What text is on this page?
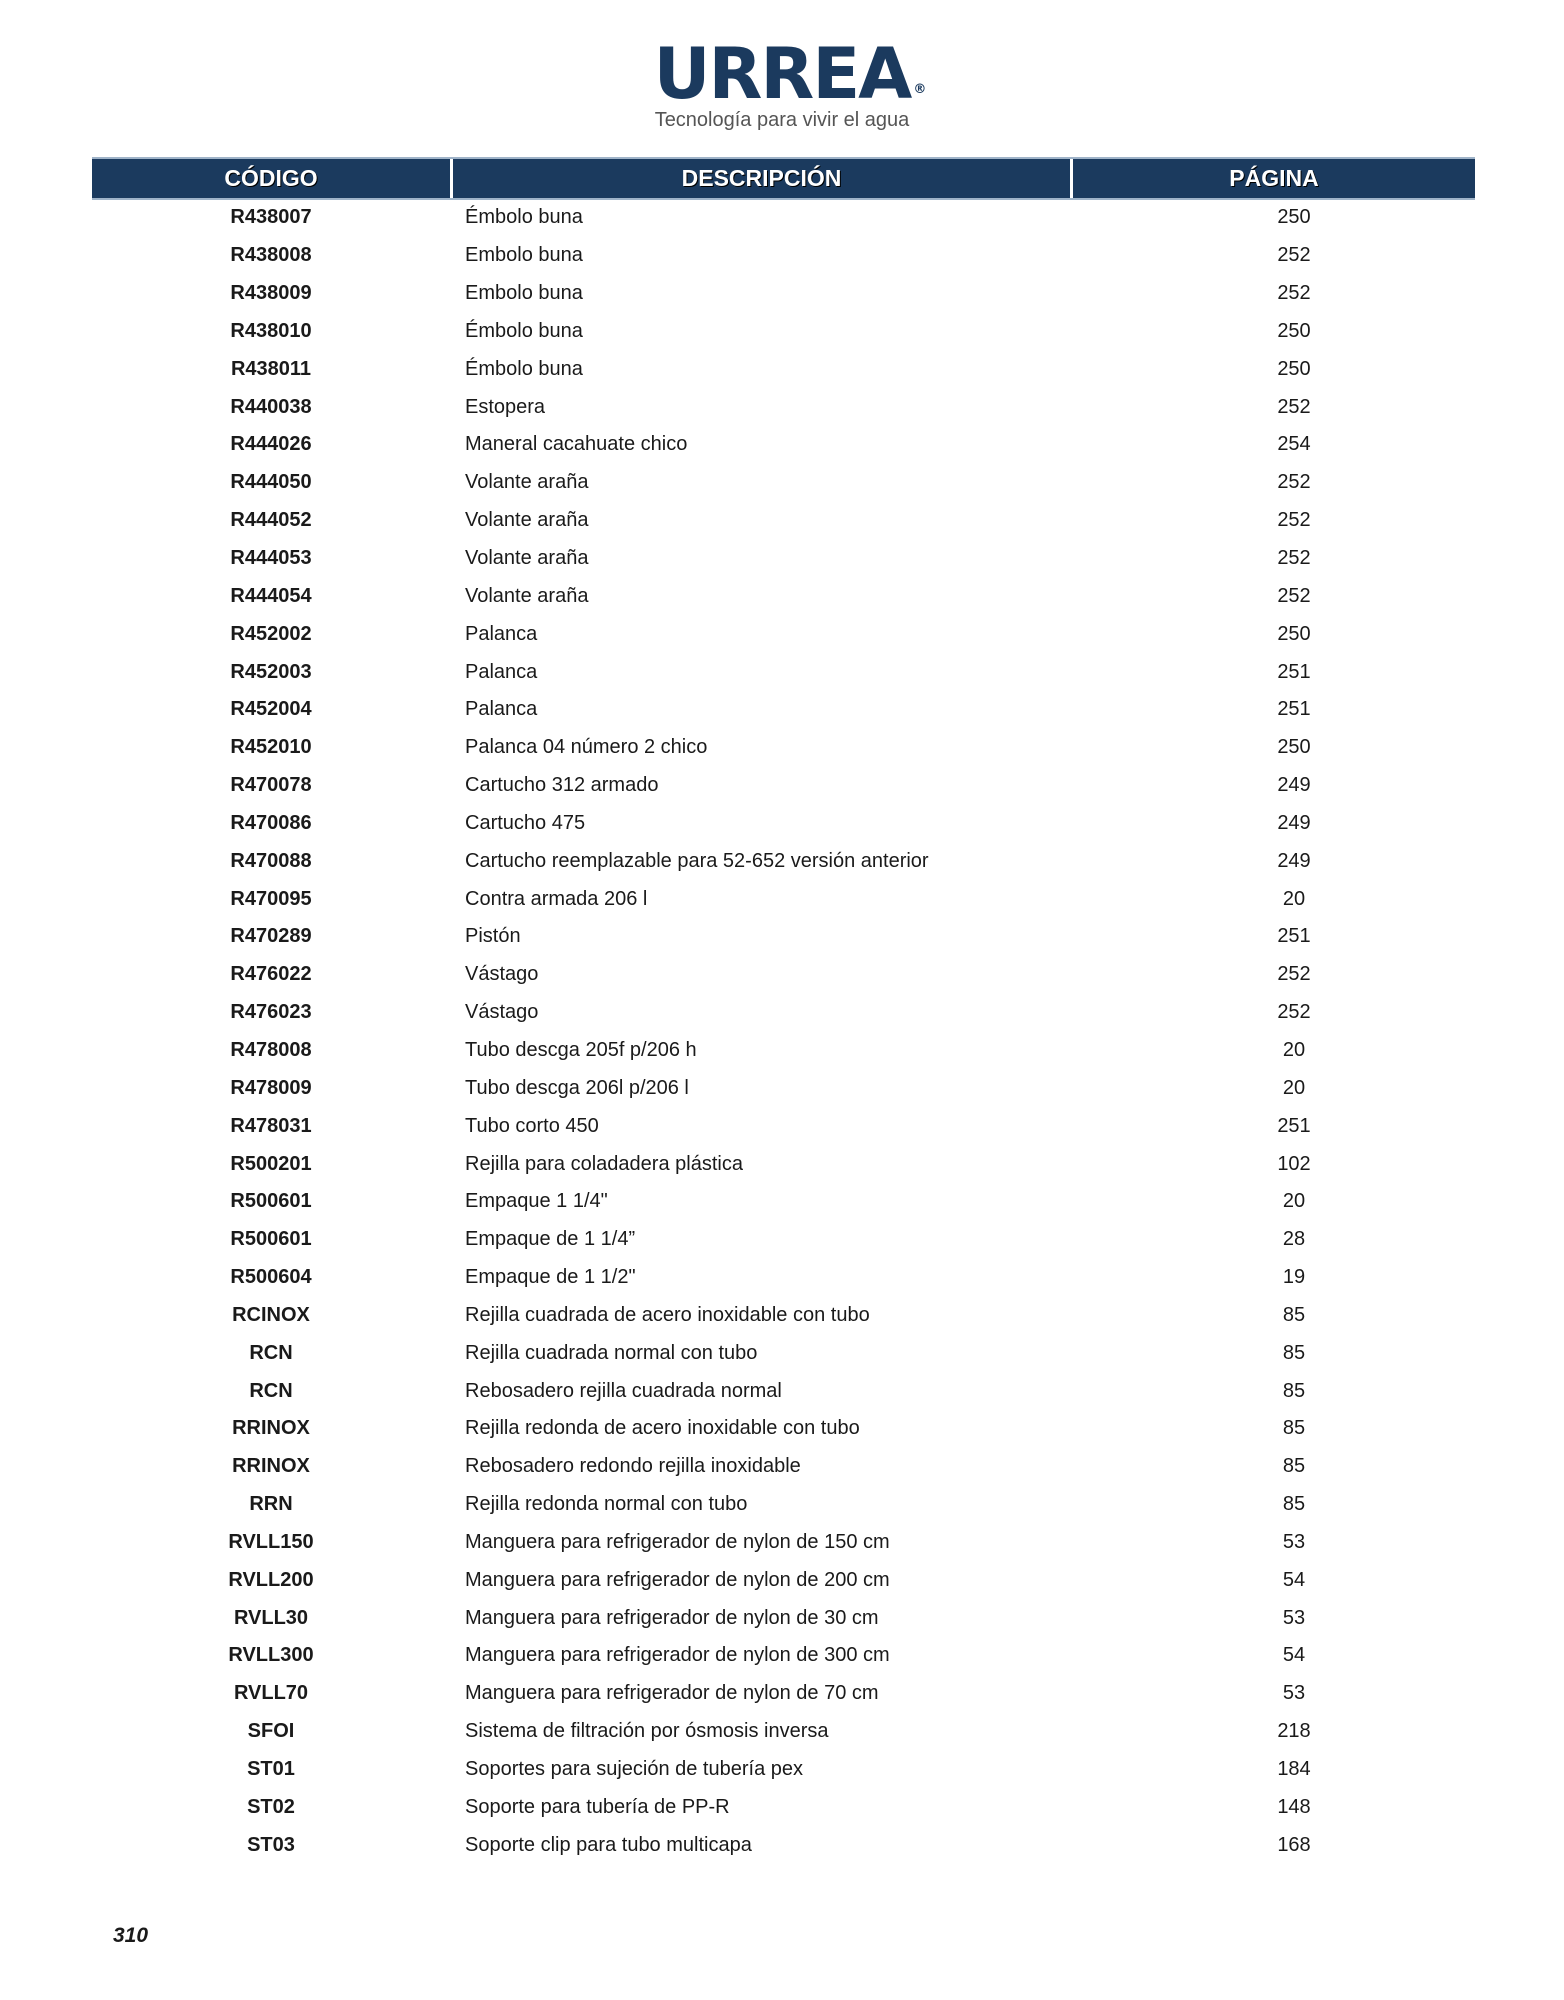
URREA ®
Tecnología para vivir el agua
CÓDIGO	DESCRIPCIÓN	PÁGINA
R438007	Émbolo buna	250
R438008	Embolo buna	252
R438009	Embolo buna	252
R438010	Émbolo buna	250
R438011	Émbolo buna	250
R440038	Estopera	252
R444026	Maneral cacahuate chico	254
R444050	Volante araña	252
R444052	Volante araña	252
R444053	Volante araña	252
R444054	Volante araña	252
R452002	Palanca	250
R452003	Palanca	251
R452004	Palanca	251
R452010	Palanca 04 número 2 chico	250
R470078	Cartucho 312 armado	249
R470086	Cartucho 475	249
R470088	Cartucho reemplazable para 52-652 versión anterior	249
R470095	Contra armada 206 l	20
R470289	Pistón	251
R476022	Vástago	252
R476023	Vástago	252
R478008	Tubo descga 205f p/206 h	20
R478009	Tubo descga 206l p/206 l	20
R478031	Tubo corto 450	251
R500201	Rejilla para coladadera plástica	102
R500601	Empaque 1 1/4"	20
R500601	Empaque de 1 1/4”	28
R500604	Empaque de 1 1/2"	19
RCINOX	Rejilla cuadrada de acero inoxidable con tubo	85
RCN	Rejilla cuadrada normal con tubo	85
RCN	Rebosadero rejilla cuadrada normal	85
RRINOX	Rejilla redonda de acero inoxidable con tubo	85
RRINOX	Rebosadero redondo rejilla inoxidable	85
RRN	Rejilla redonda normal con tubo	85
RVLL150	Manguera para refrigerador de nylon de 150 cm	53
RVLL200	Manguera para refrigerador de nylon de 200 cm	54
RVLL30	Manguera para refrigerador de nylon de 30 cm	53
RVLL300	Manguera para refrigerador de nylon de 300 cm	54
RVLL70	Manguera para refrigerador de nylon de 70 cm	53
SFOI	Sistema de filtración por ósmosis inversa	218
ST01	Soportes para sujeción de tubería pex	184
ST02	Soporte para tubería de PP-R	148
ST03	Soporte clip para tubo multicapa	168
310
